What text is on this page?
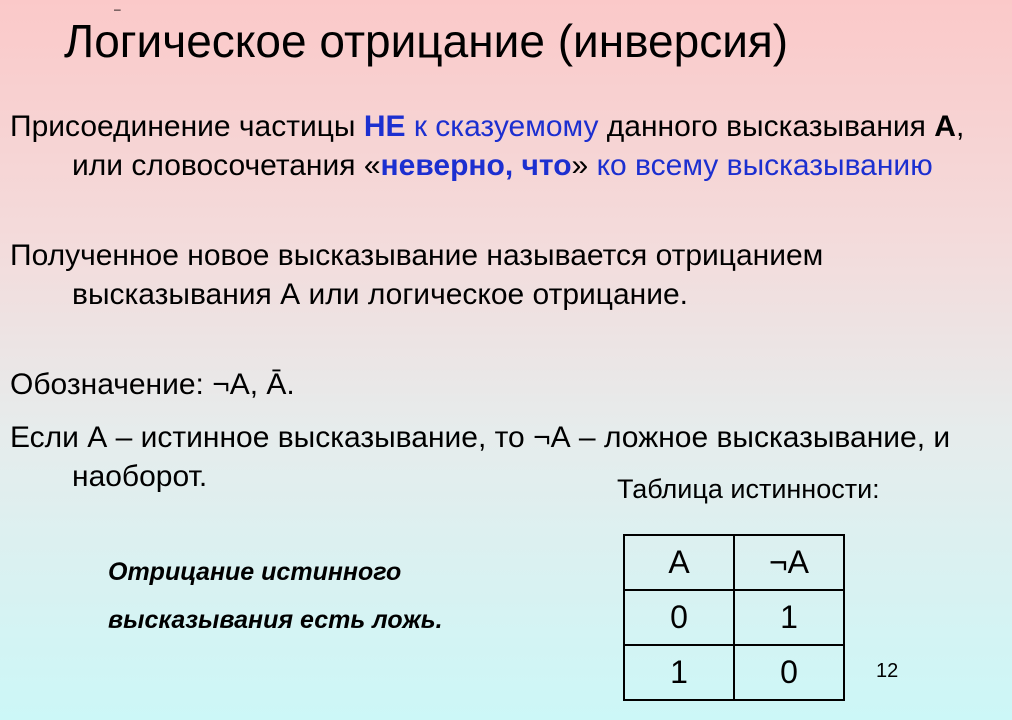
–
Логическое отрицание (инверсия)
Присоединение частицы НЕ к сказуемому данного высказывания А, или словосочетания «неверно, что» ко всему высказыванию
Полученное новое высказывание называется отрицанием высказывания А или логическое отрицание.
Обозначение: ¬A, Ā.
Если А – истинное высказывание, то ¬А – ложное высказывание, и наоборот.
Отрицание истинного
высказывания есть ложь.
Таблица истинности:
A	¬A
0	1
1	0	12
